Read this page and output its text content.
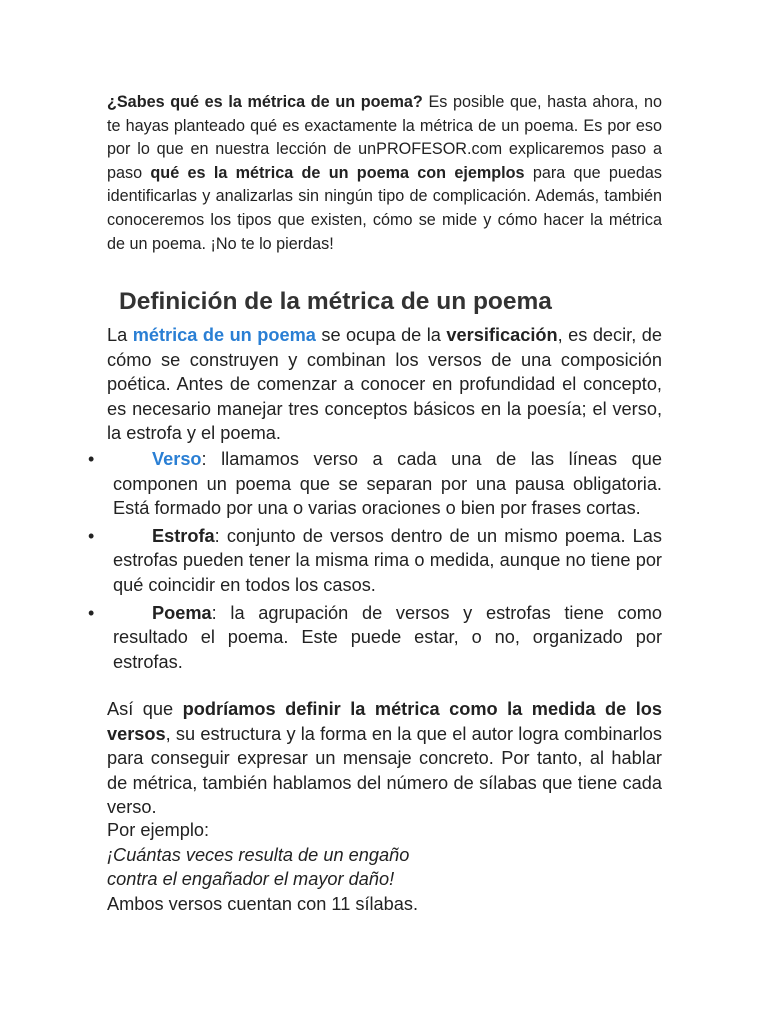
¿Sabes qué es la métrica de un poema? Es posible que, hasta ahora, no te hayas planteado qué es exactamente la métrica de un poema. Es por eso por lo que en nuestra lección de unPROFESOR.com explicaremos paso a paso qué es la métrica de un poema con ejemplos para que puedas identificarlas y analizarlas sin ningún tipo de complicación. Además, también conoceremos los tipos que existen, cómo se mide y cómo hacer la métrica de un poema. ¡No te lo pierdas!

Definición de la métrica de un poema

La métrica de un poema se ocupa de la versificación, es decir, de cómo se construyen y combinan los versos de una composición poética. Antes de comenzar a conocer en profundidad el concepto, es necesario manejar tres conceptos básicos en la poesía; el verso, la estrofa y el poema.

•	Verso: llamamos verso a cada una de las líneas que componen un poema que se separan por una pausa obligatoria. Está formado por una o varias oraciones o bien por frases cortas.
•	Estrofa: conjunto de versos dentro de un mismo poema. Las estrofas pueden tener la misma rima o medida, aunque no tiene por qué coincidir en todos los casos.
•	Poema: la agrupación de versos y estrofas tiene como resultado el poema. Este puede estar, o no, organizado por estrofas.

Así que podríamos definir la métrica como la medida de los versos, su estructura y la forma en la que el autor logra combinarlos para conseguir expresar un mensaje concreto. Por tanto, al hablar de métrica, también hablamos del número de sílabas que tiene cada verso.

Por ejemplo:
¡Cuántas veces resulta de un engaño
contra el engañador el mayor daño!
Ambos versos cuentan con 11 sílabas.
